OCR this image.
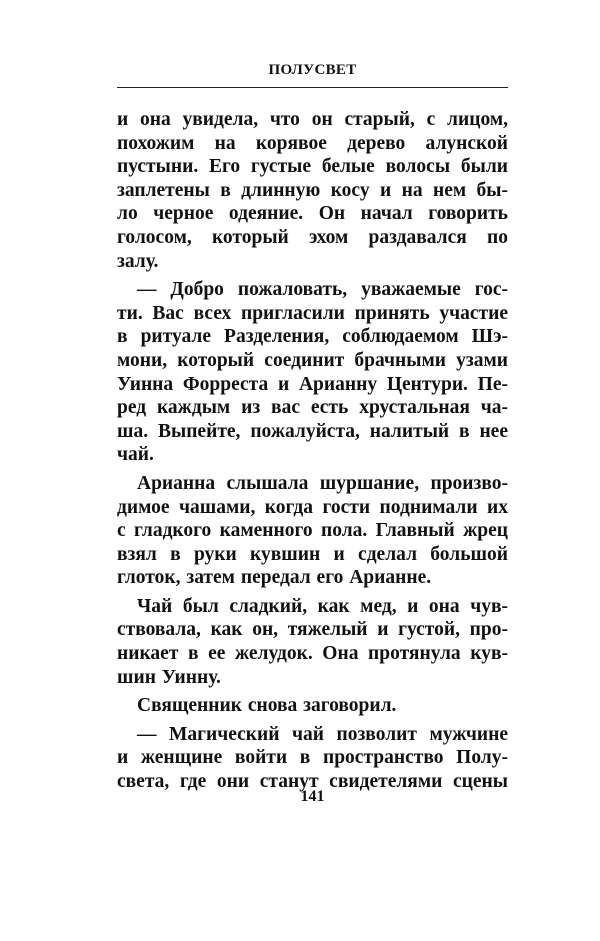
ПОЛУСВЕТ
и она увидела, что он старый, с лицом,
похожим на корявое дерево алунской
пустыни. Его густые белые волосы были
заплетены в длинную косу и на нем бы-
ло черное одеяние. Он начал говорить
голосом, который эхом раздавался по
залу.
— Добро пожаловать, уважаемые гос-
ти. Вас всех пригласили принять участие
в ритуале Разделения, соблюдаемом Шэ-
мони, который соединит брачными узами
Уинна Форреста и Арианну Центури. Пе-
ред каждым из вас есть хрустальная ча-
ша. Выпейте, пожалуйста, налитый в нее
чай.
Арианна слышала шуршание, произво-
димое чашами, когда гости поднимали их
с гладкого каменного пола. Главный жрец
взял в руки кувшин и сделал большой
глоток, затем передал его Арианне.
Чай был сладкий, как мед, и она чув-
ствовала, как он, тяжелый и густой, про-
никает в ее желудок. Она протянула кув-
шин Уинну.
Священник снова заговорил.
— Магический чай позволит мужчине
и женщине войти в пространство Полу-
света, где они станут свидетелями сцены
141
